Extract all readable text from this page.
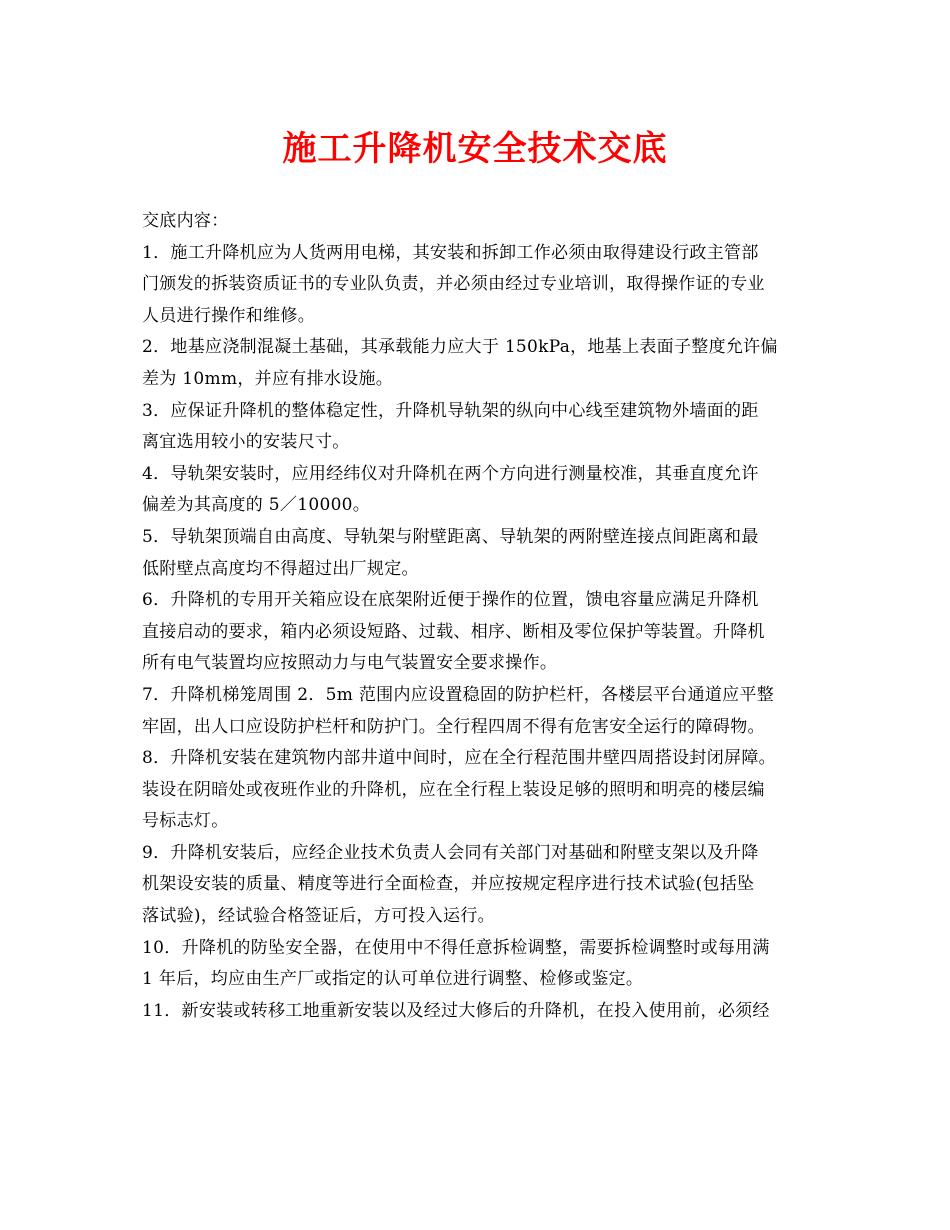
施工升降机安全技术交底
交底内容：
1．施工升降机应为人货两用电梯，其安装和拆卸工作必须由取得建设行政主管部
门颁发的拆装资质证书的专业队负责，并必须由经过专业培训，取得操作证的专业
人员进行操作和维修。
2．地基应浇制混凝土基础，其承载能力应大于 150kPa，地基上表面子整度允许偏
差为 10mm，并应有排水设施。
3．应保证升降机的整体稳定性，升降机导轨架的纵向中心线至建筑物外墙面的距
离宜选用较小的安装尺寸。
4．导轨架安装时，应用经纬仪对升降机在两个方向进行测量校准，其垂直度允许
偏差为其高度的 5／10000。
5．导轨架顶端自由高度、导轨架与附壁距离、导轨架的两附壁连接点间距离和最
低附壁点高度均不得超过出厂规定。
6．升降机的专用开关箱应设在底架附近便于操作的位置，馈电容量应满足升降机
直接启动的要求，箱内必须设短路、过载、相序、断相及零位保护等装置。升降机
所有电气装置均应按照动力与电气装置安全要求操作。
7．升降机梯笼周围 2．5m 范围内应设置稳固的防护栏杆，各楼层平台通道应平整
牢固，出人口应设防护栏杆和防护门。全行程四周不得有危害安全运行的障碍物。
8．升降机安装在建筑物内部井道中间时，应在全行程范围井壁四周搭设封闭屏障。
装设在阴暗处或夜班作业的升降机，应在全行程上装设足够的照明和明亮的楼层编
号标志灯。
9．升降机安装后，应经企业技术负责人会同有关部门对基础和附壁支架以及升降
机架设安装的质量、精度等进行全面检查，并应按规定程序进行技术试验(包括坠
落试验)，经试验合格签证后，方可投入运行。
10．升降机的防坠安全器，在使用中不得任意拆检调整，需要拆检调整时或每用满
1 年后，均应由生产厂或指定的认可单位进行调整、检修或鉴定。
11．新安装或转移工地重新安装以及经过大修后的升降机，在投入使用前，必须经
